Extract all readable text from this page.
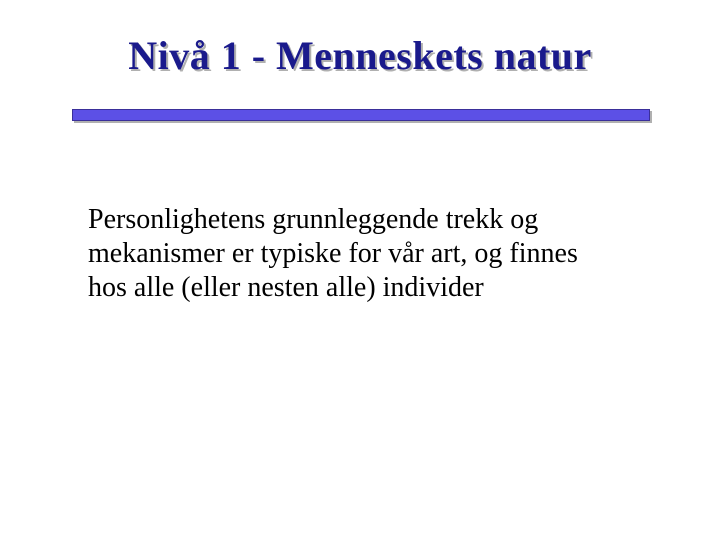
Nivå 1 - Menneskets natur
Personlighetens grunnleggende trekk og
mekanismer er typiske for vår art, og finnes
hos alle (eller nesten alle) individer
